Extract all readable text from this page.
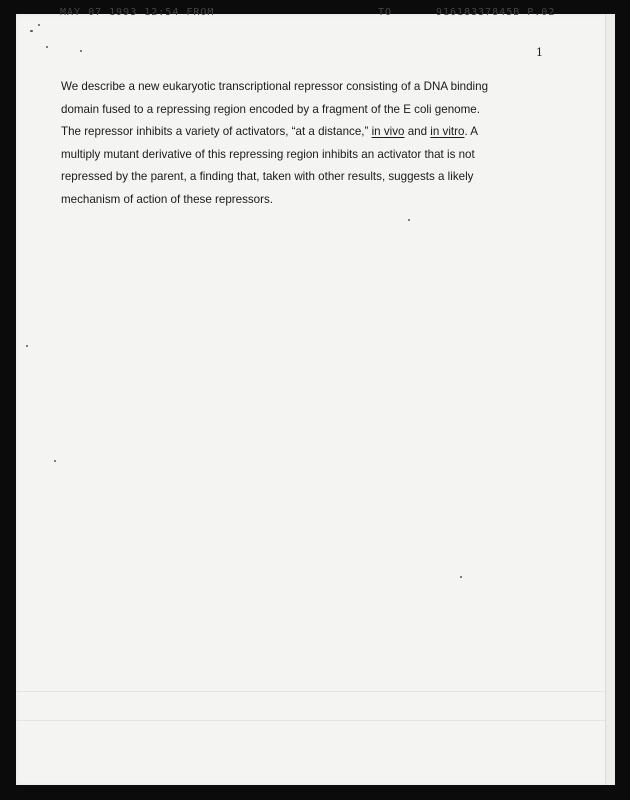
MAY 07 1993 12:54 FROM	TO	91618337845B P.02
1
We describe a new eukaryotic transcriptional repressor consisting of a DNA binding
domain fused to a repressing region encoded by a fragment of the E coli genome.
The repressor inhibits a variety of activators, “at a distance,” in vivo and in vitro. A
multiply mutant derivative of this repressing region inhibits an activator that is not
repressed by the parent, a finding that, taken with other results, suggests a likely
mechanism of action of these repressors.
